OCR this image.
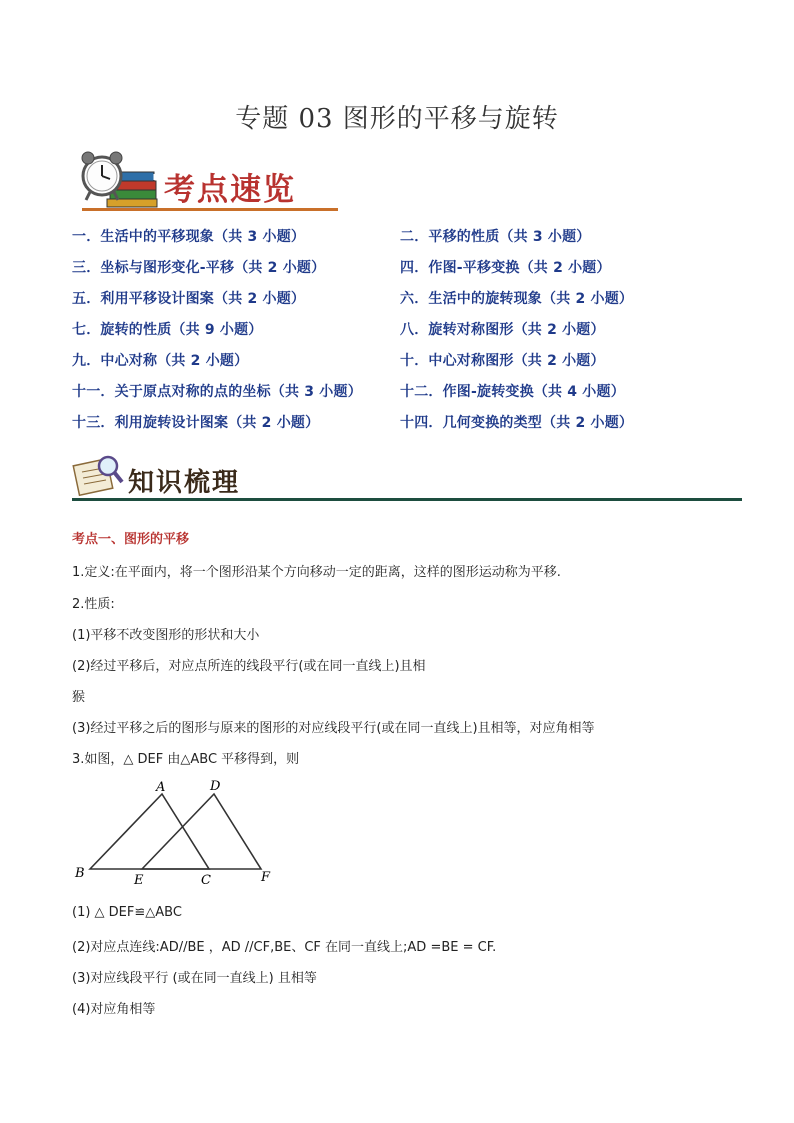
专题 03 图形的平移与旋转
考点速览
一．生活中的平移现象（共 3 小题）	二．平移的性质（共 3 小题）
三．坐标与图形变化-平移（共 2 小题）	四．作图-平移变换（共 2 小题）
五．利用平移设计图案（共 2 小题）	六．生活中的旋转现象（共 2 小题）
七．旋转的性质（共 9 小题）	八．旋转对称图形（共 2 小题）
九．中心对称（共 2 小题）	十．中心对称图形（共 2 小题）
十一．关于原点对称的点的坐标（共 3 小题）	十二．作图-旋转变换（共 4 小题）
十三．利用旋转设计图案（共 2 小题）	十四．几何变换的类型（共 2 小题）
知识梳理
考点一、图形的平移
1.定义:在平面内，将一个图形沿某个方向移动一定的距离，这样的图形运动称为平移.
2.性质:
(1)平移不改变图形的形状和大小
(2)经过平移后，对应点所连的线段平行(或在同一直线上)且相
猴
(3)经过平移之后的图形与原来的图形的对应线段平行(或在同一直线上)且相等，对应角相等
3.如图，△ DEF 由△ABC 平移得到，则
(1) △ DEF≌△ABC
(2)对应点连线:AD//BE ，AD //CF,BE、CF 在同一直线上;AD =BE = CF.
(3)对应线段平行 (或在同一直线上) 且相等
(4)对应角相等
A	D
B	E	C	F
